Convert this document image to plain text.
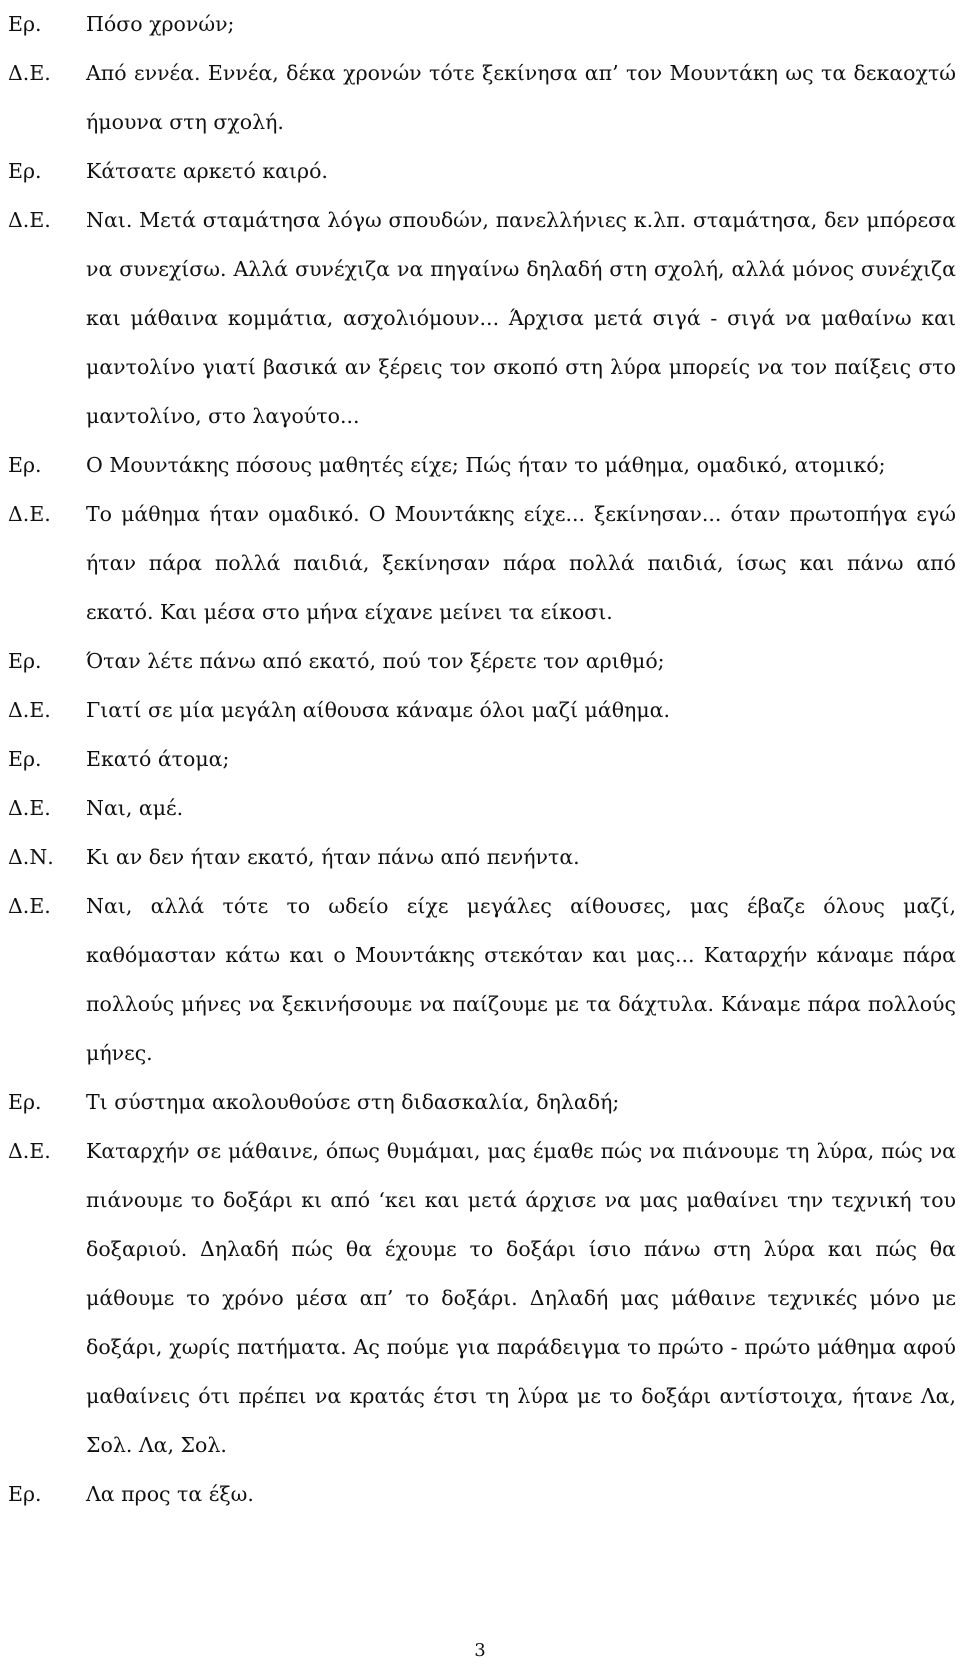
Ερ.	Πόσο χρονών;
Δ.Ε.	Από εννέα. Εννέα, δέκα χρονών τότε ξεκίνησα απ’ τον Μουντάκη ως τα δεκαοχτώ ήμουνα στη σχολή.
Ερ.	Κάτσατε αρκετό καιρό.
Δ.Ε.	Ναι. Μετά σταμάτησα λόγω σπουδών, πανελλήνιες κ.λπ. σταμάτησα, δεν μπόρεσα να συνεχίσω. Αλλά συνέχιζα να πηγαίνω δηλαδή στη σχολή, αλλά μόνος συνέχιζα και μάθαινα κομμάτια, ασχολιόμουν... Άρχισα μετά σιγά - σιγά να μαθαίνω και μαντολίνο γιατί βασικά αν ξέρεις τον σκοπό στη λύρα μπορείς να τον παίξεις στο μαντολίνο, στο λαγούτο...
Ερ.	Ο Μουντάκης πόσους μαθητές είχε; Πώς ήταν το μάθημα, ομαδικό, ατομικό;
Δ.Ε.	Το μάθημα ήταν ομαδικό. Ο Μουντάκης είχε... ξεκίνησαν... όταν πρωτοπήγα εγώ ήταν πάρα πολλά παιδιά, ξεκίνησαν πάρα πολλά παιδιά, ίσως και πάνω από εκατό. Και μέσα στο μήνα είχανε μείνει τα είκοσι.
Ερ.	Όταν λέτε πάνω από εκατό, πού τον ξέρετε τον αριθμό;
Δ.Ε.	Γιατί σε μία μεγάλη αίθουσα κάναμε όλοι μαζί μάθημα.
Ερ.	Εκατό άτομα;
Δ.Ε.	Ναι, αμέ.
Δ.Ν.	Κι αν δεν ήταν εκατό, ήταν πάνω από πενήντα.
Δ.Ε.	Ναι, αλλά τότε το ωδείο είχε μεγάλες αίθουσες, μας έβαζε όλους μαζί, καθόμασταν κάτω και ο Μουντάκης στεκόταν και μας... Καταρχήν κάναμε πάρα πολλούς μήνες να ξεκινήσουμε να παίζουμε με τα δάχτυλα. Κάναμε πάρα πολλούς μήνες.
Ερ.	Τι σύστημα ακολουθούσε στη διδασκαλία, δηλαδή;
Δ.Ε.	Καταρχήν σε μάθαινε, όπως θυμάμαι, μας έμαθε πώς να πιάνουμε τη λύρα, πώς να πιάνουμε το δοξάρι κι από ‘κει και μετά άρχισε να μας μαθαίνει την τεχνική του δοξαριού. Δηλαδή πώς θα έχουμε το δοξάρι ίσιο πάνω στη λύρα και πώς θα μάθουμε το χρόνο μέσα απ’ το δοξάρι. Δηλαδή μας μάθαινε τεχνικές μόνο με δοξάρι, χωρίς πατήματα. Ας πούμε για παράδειγμα το πρώτο - πρώτο μάθημα αφού μαθαίνεις ότι πρέπει να κρατάς έτσι τη λύρα με το δοξάρι αντίστοιχα, ήτανε Λα, Σολ. Λα, Σολ.
Ερ.	Λα προς τα έξω.
3
